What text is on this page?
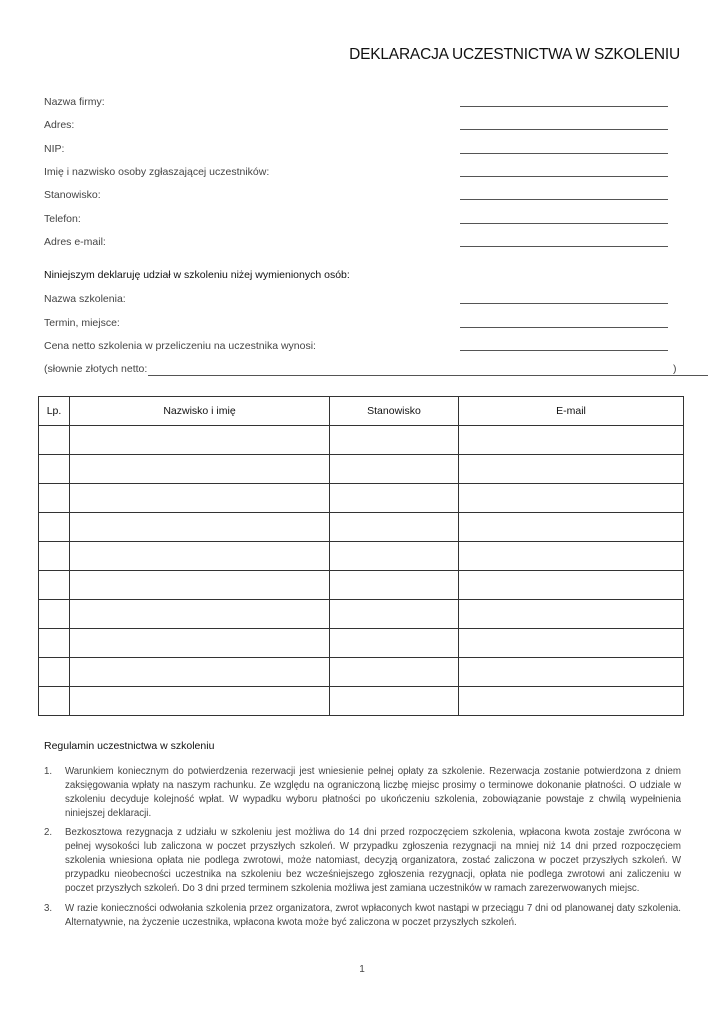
DEKLARACJA UCZESTNICTWA W SZKOLENIU
Nazwa firmy:
Adres:
NIP:
Imię i nazwisko osoby zgłaszającej uczestników:
Stanowisko:
Telefon:
Adres e-mail:
Niniejszym deklaruję udział w szkoleniu niżej wymienionych osób:
Nazwa szkolenia:
Termin, miejsce:
Cena netto szkolenia w przeliczeniu na uczestnika wynosi:
(słownie złotych netto:	)
Lp.	Nazwisko i imię	Stanowisko	E-mail

Regulamin uczestnictwa w szkoleniu
1. Warunkiem koniecznym do potwierdzenia rezerwacji jest wniesienie pełnej opłaty za szkolenie. Rezerwacja zostanie potwierdzona z dniem zaksięgowania wpłaty na naszym rachunku. Ze względu na ograniczoną liczbę miejsc prosimy o terminowe dokonanie płatności. O udziale w szkoleniu decyduje kolejność wpłat. W wypadku wyboru płatności po ukończeniu szkolenia, zobowiązanie powstaje z chwilą wypełnienia niniejszej deklaracji.
2. Bezkosztowa rezygnacja z udziału w szkoleniu jest możliwa do 14 dni przed rozpoczęciem szkolenia, wpłacona kwota zostaje zwrócona w pełnej wysokości lub zaliczona w poczet przyszłych szkoleń. W przypadku zgłoszenia rezygnacji na mniej niż 14 dni przed rozpoczęciem szkolenia wniesiona opłata nie podlega zwrotowi, może natomiast, decyzją organizatora, zostać zaliczona w poczet przyszłych szkoleń. W przypadku nieobecności uczestnika na szkoleniu bez wcześniejszego zgłoszenia rezygnacji, opłata nie podlega zwrotowi ani zaliczeniu w poczet przyszłych szkoleń. Do 3 dni przed terminem szkolenia możliwa jest zamiana uczestników w ramach zarezerwowanych miejsc.
3. W razie konieczności odwołania szkolenia przez organizatora, zwrot wpłaconych kwot nastąpi w przeciągu 7 dni od planowanej daty szkolenia. Alternatywnie, na życzenie uczestnika, wpłacona kwota może być zaliczona w poczet przyszłych szkoleń.
1
